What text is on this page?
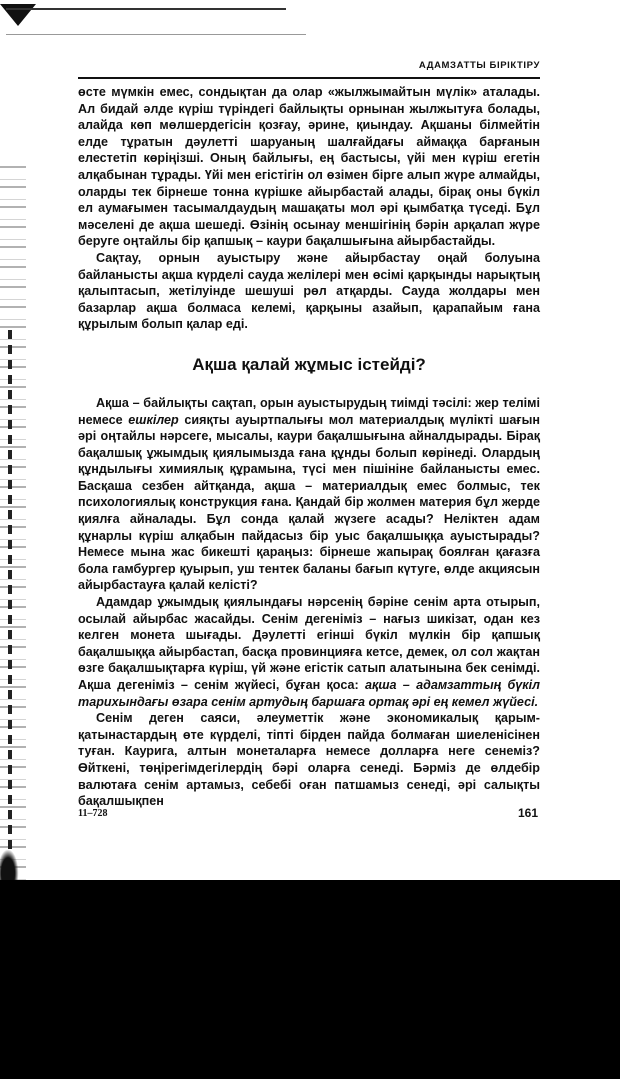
АДАМЗАТТЫ БІРІКТІРУ

өсте мүмкін емес, сондықтан да олар «жылжымайтын мүлік» аталады. Ал бидай әлде күріш түріндегі байлықты орнынан жылжытуға болады, алайда көп мөлшердегісін қозғау, әрине, қиындау. Ақшаны білмейтін елде тұратын дәулетті шаруаның шалғайдағы аймаққа барғанын елестетіп көріңізші. Оның байлығы, ең бастысы, үйі мен күріш егетін алқабынан тұрады. Үйі мен егістігін ол өзімен бірге алып жүре алмайды, оларды тек бірнеше тонна күрішке айырбастай алады, бірақ оны бүкіл ел аумағымен тасымалдаудың машақаты мол әрі қымбатқа түседі. Бұл мәселені де ақша шешеді. Өзінің осынау меншігінің бәрін арқалап жүре беруге оңтайлы бір қапшық – каури бақалшығына айырбастайды.

Сақтау, орнын ауыстыру және айырбастау оңай болуына байланысты ақша күрделі сауда желілері мен өсімі қарқынды нарықтың қалыптасып, жетілуінде шешуші рөл атқарды. Сауда жолдары мен базарлар ақша болмаса келемі, қарқыны азайып, қарапайым ғана құрылым болып қалар еді.

Ақша қалай жұмыс істейді?

Ақша – байлықты сақтап, орын ауыстырудың тиімді тәсілі: жер телімі немесе ешкілер сияқты ауыртпалығы мол материалдық мүлікті шағын әрі оңтайлы нәрсеге, мысалы, каури бақалшығына айналдырады. Бірақ бақалшық ұжымдық қиялымызда ғана құнды болып көрінеді. Олардың құндылығы химиялық құрамына, түсі мен пішініне байланысты емес. Басқаша сезбен айтқанда, ақша – материалдық емес болмыс, тек психологиялық конструкция ғана. Қандай бір жолмен материя бұл жерде қиялға айналады. Бұл сонда қалай жүзеге асады? Неліктен адам құнарлы күріш алқабын пайдасыз бір уыс бақалшыққа ауыстырады? Немесе мына жас бикешті қараңыз: бірнеше жапырақ боялған қағазға бола гамбургер қуырып, уш тентек баланы бағып күтуге, өлде акциясын айырбастауға қалай келісті?

Адамдар ұжымдық қиялындағы нәрсенің бәріне сенім арта отырып, осылай айырбас жасайды. Сенім дегеніміз – нағыз шикізат, одан кез келген монета шығады. Дәулетті егінші бүкіл мүлкін бір қапшық бақалшыққа айырбастап, басқа провинцияға кетсе, демек, ол сол жақтан өзге бақалшықтарға күріш, үй және егістік сатып алатынына бек сенімді. Ақша дегеніміз – сенім жүйесі, бұған қоса: ақша – адамзаттың бүкіл тарихындағы өзара сенім артудың баршаға ортақ әрі ең кемел жүйесі.

Сенім деген саяси, әлеуметтік және экономикалық қарым-қатынастардың өте күрделі, тіпті бірден пайда болмаған шиеленісінен туған. Каурига, алтын монеталарға немесе долларға неге сенеміз? Өйткені, төңірегімдегілердің бәрі оларға сенеді. Бәрміз де өлдебір валютаға сенім артамыз, себебі оған патшамыз сенеді, әрі салықты бақалшықпен

11–728	161
